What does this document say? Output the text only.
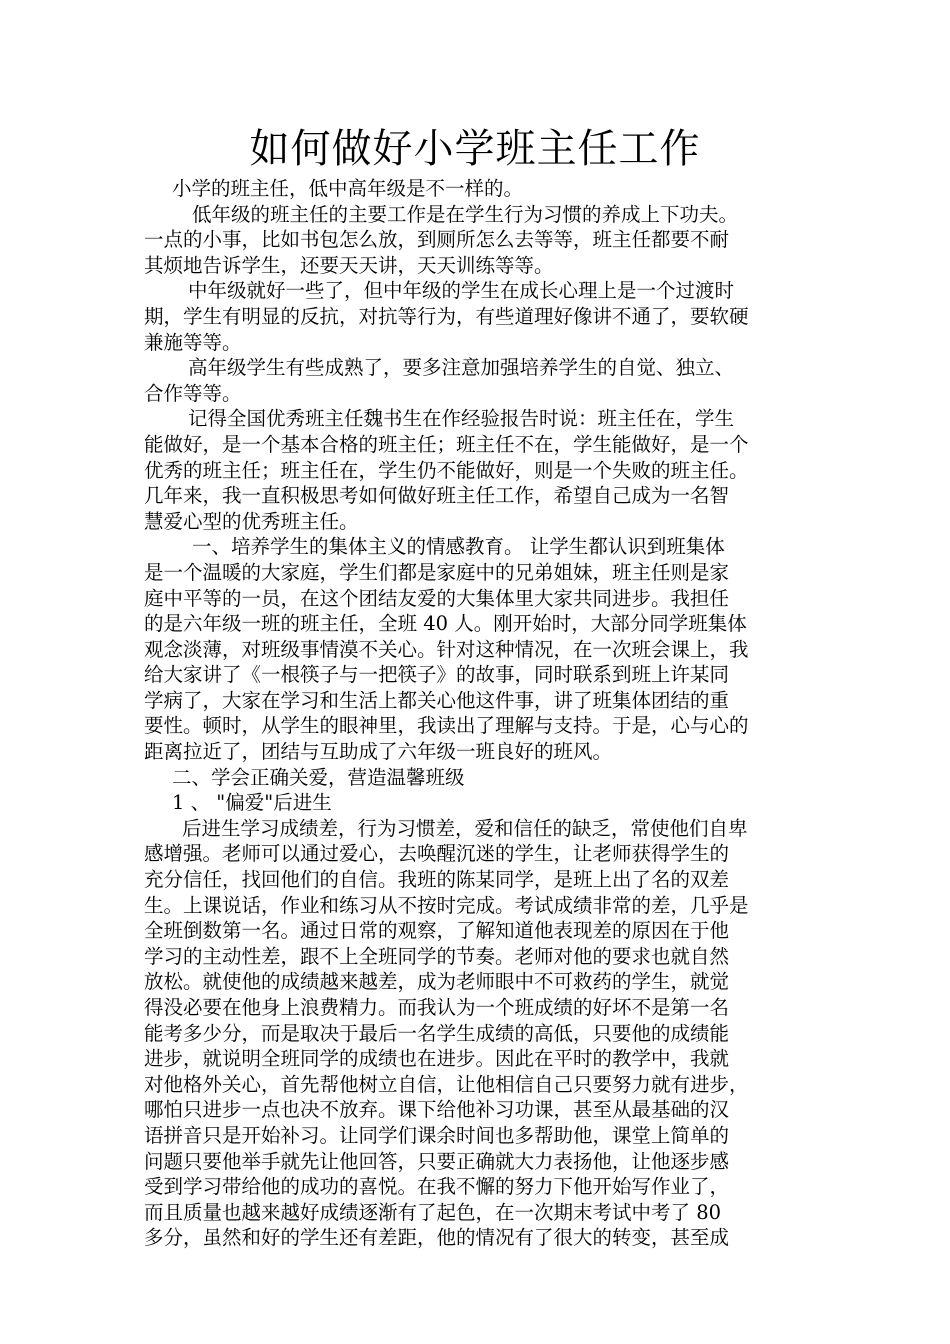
如何做好小学班主任工作
小学的班主任，低中高年级是不一样的。
低年级的班主任的主要工作是在学生行为习惯的养成上下功夫。
一点的小事，比如书包怎么放，到厕所怎么去等等，班主任都要不耐
其烦地告诉学生，还要天天讲，天天训练等等。
中年级就好一些了，但中年级的学生在成长心理上是一个过渡时
期，学生有明显的反抗，对抗等行为，有些道理好像讲不通了，要软硬
兼施等等。
高年级学生有些成熟了，要多注意加强培养学生的自觉、独立、
合作等等。
记得全国优秀班主任魏书生在作经验报告时说：班主任在，学生
能做好，是一个基本合格的班主任；班主任不在，学生能做好，是一个
优秀的班主任；班主任在，学生仍不能做好，则是一个失败的班主任。
几年来，我一直积极思考如何做好班主任工作，希望自己成为一名智
慧爱心型的优秀班主任。
一、培养学生的集体主义的情感教育。 让学生都认识到班集体
是一个温暖的大家庭，学生们都是家庭中的兄弟姐妹，班主任则是家
庭中平等的一员，在这个团结友爱的大集体里大家共同进步。我担任
的是六年级一班的班主任，全班 40 人。刚开始时，大部分同学班集体
观念淡薄，对班级事情漠不关心。针对这种情况，在一次班会课上，我
给大家讲了《一根筷子与一把筷子》的故事，同时联系到班上许某同
学病了，大家在学习和生活上都关心他这件事，讲了班集体团结的重
要性。顿时，从学生的眼神里，我读出了理解与支持。于是，心与心的
距离拉近了，团结与互助成了六年级一班良好的班风。
二、学会正确关爱，营造温馨班级
1 、 "偏爱"后进生
后进生学习成绩差，行为习惯差，爱和信任的缺乏，常使他们自卑
感增强。老师可以通过爱心，去唤醒沉迷的学生，让老师获得学生的
充分信任，找回他们的自信。我班的陈某同学，是班上出了名的双差
生。上课说话，作业和练习从不按时完成。考试成绩非常的差，几乎是
全班倒数第一名。通过日常的观察，了解知道他表现差的原因在于他
学习的主动性差，跟不上全班同学的节奏。老师对他的要求也就自然
放松。就使他的成绩越来越差，成为老师眼中不可救药的学生，就觉
得没必要在他身上浪费精力。而我认为一个班成绩的好坏不是第一名
能考多少分，而是取决于最后一名学生成绩的高低，只要他的成绩能
进步，就说明全班同学的成绩也在进步。因此在平时的教学中，我就
对他格外关心，首先帮他树立自信，让他相信自己只要努力就有进步，
哪怕只进步一点也决不放弃。课下给他补习功课，甚至从最基础的汉
语拼音只是开始补习。让同学们课余时间也多帮助他，课堂上简单的
问题只要他举手就先让他回答，只要正确就大力表扬他，让他逐步感
受到学习带给他的成功的喜悦。在我不懈的努力下他开始写作业了，
而且质量也越来越好成绩逐渐有了起色，在一次期末考试中考了 80
多分，虽然和好的学生还有差距，他的情况有了很大的转变，甚至成
